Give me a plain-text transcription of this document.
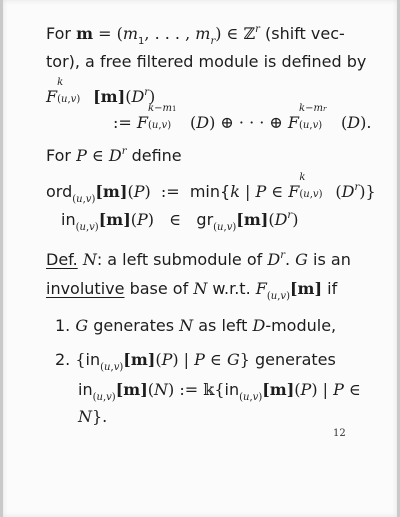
For $m = (m_1$, . . . , $m_r$) ∈ ℤ$^r$ (shift vec-
tor), a free filtered module is defined by
F
k
(u,v) $[m](D^r)$
:= F
k−m1
(u,v) (D) ⊕ · · · ⊕ F
k−mr
(u,v) (D).
For P ∈ $D^r$ define
ord$_{(u,v)}$[m](P)  :=  min{k | P ∈ F
k
(u,v) $(D^r)$}
$in_{(u,v)}[m](P)$   ∈   $gr_{(u,v)}[m](D^r)$
Def. N: a left submodule of $D^r$. G is an
involutive base of N w.r.t. $F_{(u,v)}[m]$ if
1. G generates N as left D-module,
2. {$in_{(u,v)}[m](P)$ | P ∈ G} generates
$in_{(u,v)}[m](N)$ := $𝕜\{in_{(u,v)}[m](P)$ | P ∈
N}.
12
